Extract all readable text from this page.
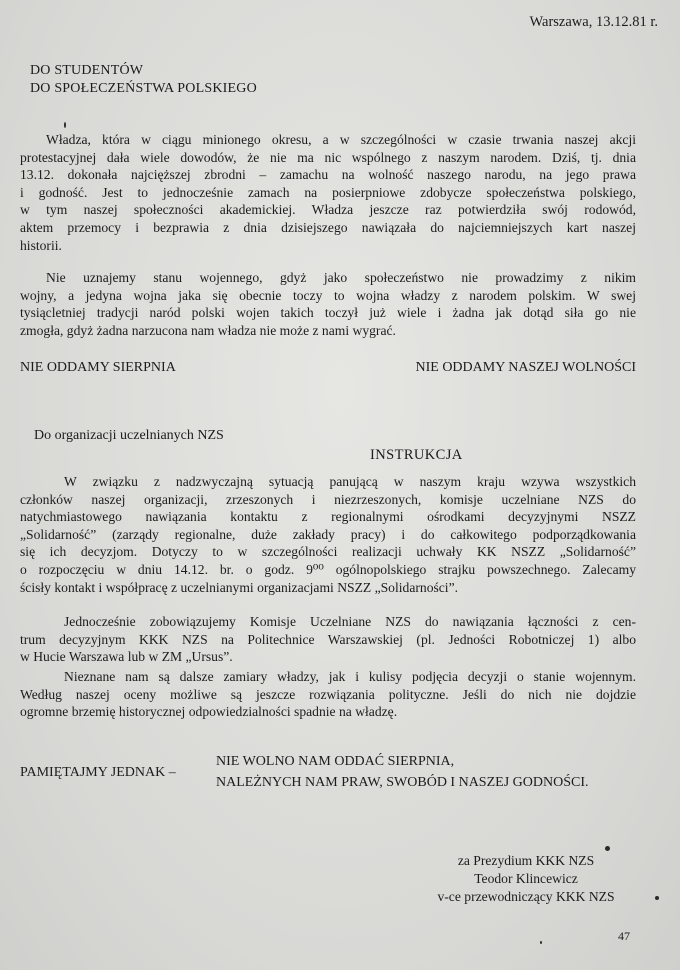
Warszawa, 13.12.81 r.
DO STUDENTÓW
DO SPOŁECZEŃSTWA POLSKIEGO
Władza, która w ciągu minionego okresu, a w szczególności w czasie trwania naszej akcji
protestacyjnej dała wiele dowodów, że nie ma nic wspólnego z naszym narodem. Dziś, tj. dnia
13.12. dokonała najcięższej zbrodni – zamachu na wolność naszego narodu, na jego prawa
i godność. Jest to jednocześnie zamach na posierpniowe zdobycze społeczeństwa polskiego,
w tym naszej społeczności akademickiej. Władza jeszcze raz potwierdziła swój rodowód,
aktem przemocy i bezprawia z dnia dzisiejszego nawiązała do najciemniejszych kart naszej
historii.
Nie uznajemy stanu wojennego, gdyż jako społeczeństwo nie prowadzimy z nikim
wojny, a jedyna wojna jaka się obecnie toczy to wojna władzy z narodem polskim. W swej
tysiącletniej tradycji naród polski wojen takich toczył już wiele i żadna jak dotąd siła go nie
zmogła, gdyż żadna narzucona nam władza nie może z nami wygrać.
NIE ODDAMY SIERPNIA	NIE ODDAMY NASZEJ WOLNOŚCI
Do organizacji uczelnianych NZS
INSTRUKCJA
W związku z nadzwyczajną sytuacją panującą w naszym kraju wzywa wszystkich
członków naszej organizacji, zrzeszonych i niezrzeszonych, komisje uczelniane NZS do
natychmiastowego nawiązania kontaktu z regionalnymi ośrodkami decyzyjnymi NSZZ
„Solidarność” (zarządy regionalne, duże zakłady pracy) i do całkowitego podporządkowania
się ich decyzjom. Dotyczy to w szczególności realizacji uchwały KK NSZZ „Solidarność”
o rozpoczęciu w dniu 14.12. br. o godz. 9⁰⁰ ogólnopolskiego strajku powszechnego. Zalecamy
ścisły kontakt i współpracę z uczelnianymi organizacjami NSZZ „Solidarności”.
Jednocześnie zobowiązujemy Komisje Uczelniane NZS do nawiązania łączności z cen-
trum decyzyjnym KKK NZS na Politechnice Warszawskiej (pl. Jedności Robotniczej 1) albo
w Hucie Warszawa lub w ZM „Ursus”.
Nieznane nam są dalsze zamiary władzy, jak i kulisy podjęcia decyzji o stanie wojennym.
Według naszej oceny możliwe są jeszcze rozwiązania polityczne. Jeśli do nich nie dojdzie
ogromne brzemię historycznej odpowiedzialności spadnie na władzę.
PAMIĘTAJMY JEDNAK –
NIE WOLNO NAM ODDAĆ SIERPNIA,
NALEŻNYCH NAM PRAW, SWOBÓD I NASZEJ GODNOŚCI.
za Prezydium KKK NZS
Teodor Klincewicz
v-ce przewodniczący KKK NZS
47
